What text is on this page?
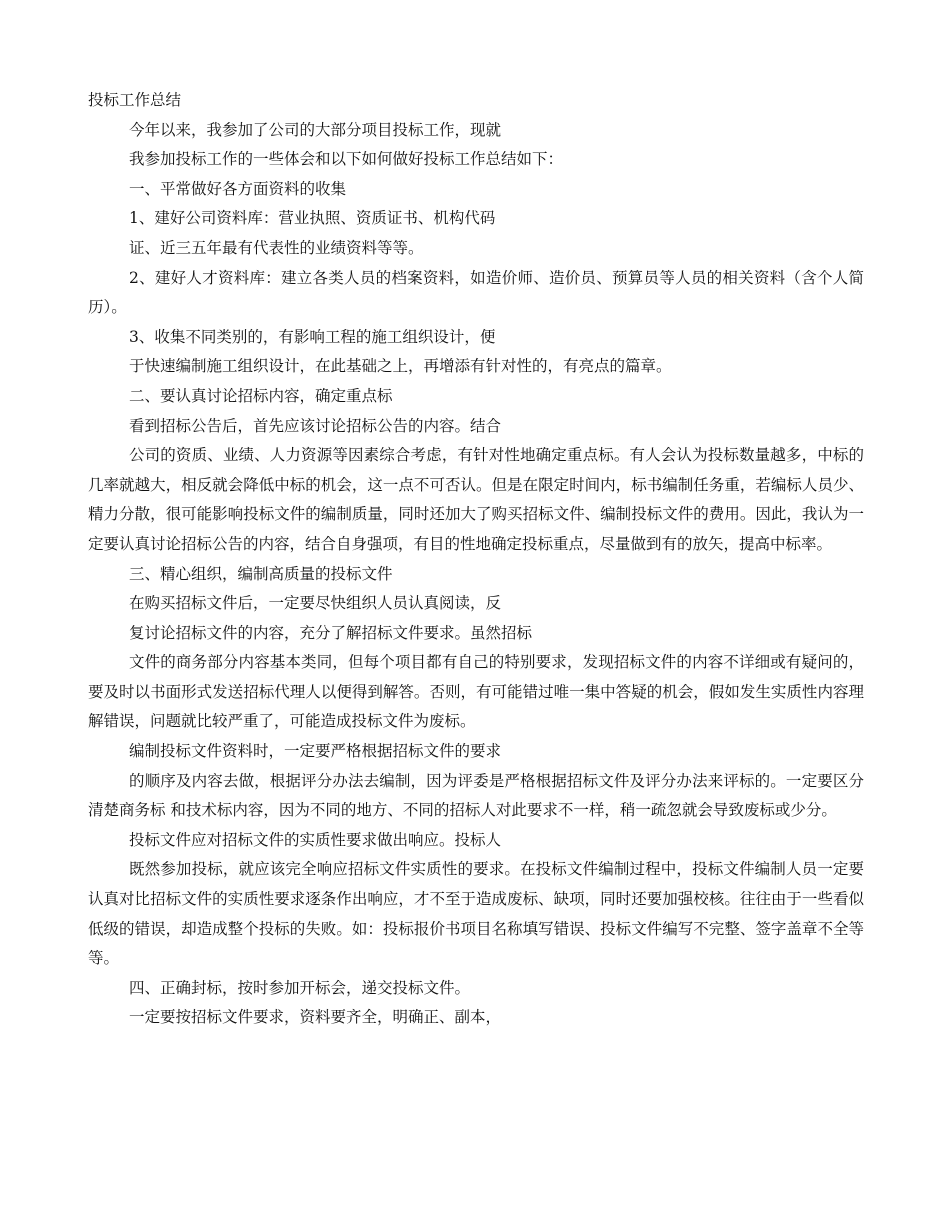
投标工作总结

今年以来，我参加了公司的大部分项目投标工作，现就

我参加投标工作的一些体会和以下如何做好投标工作总结如下：

一、平常做好各方面资料的收集

1、建好公司资料库：营业执照、资质证书、机构代码

证、近三五年最有代表性的业绩资料等等。

2、建好人才资料库：建立各类人员的档案资料，如造价师、造价员、预算员等人员的相关资料（含个人简历）。

3、收集不同类别的，有影响工程的施工组织设计，便

于快速编制施工组织设计，在此基础之上，再增添有针对性的，有亮点的篇章。

二、要认真讨论招标内容，确定重点标

看到招标公告后，首先应该讨论招标公告的内容。结合

公司的资质、业绩、人力资源等因素综合考虑，有针对性地确定重点标。有人会认为投标数量越多，中标的几率就越大，相反就会降低中标的机会，这一点不可否认。但是在限定时间内，标书编制任务重，若编标人员少、精力分散，很可能影响投标文件的编制质量，同时还加大了购买招标文件、编制投标文件的费用。因此，我认为一定要认真讨论招标公告的内容，结合自身强项，有目的性地确定投标重点，尽量做到有的放矢，提高中标率。

三、精心组织，编制高质量的投标文件

在购买招标文件后，一定要尽快组织人员认真阅读，反

复讨论招标文件的内容，充分了解招标文件要求。虽然招标

文件的商务部分内容基本类同，但每个项目都有自己的特别要求，发现招标文件的内容不详细或有疑问的，要及时以书面形式发送招标代理人以便得到解答。否则，有可能错过唯一集中答疑的机会，假如发生实质性内容理解错误，问题就比较严重了，可能造成投标文件为废标。

编制投标文件资料时，一定要严格根据招标文件的要求

的顺序及内容去做，根据评分办法去编制，因为评委是严格根据招标文件及评分办法来评标的。一定要区分清楚商务标 和技术标内容，因为不同的地方、不同的招标人对此要求不一样，稍一疏忽就会导致废标或少分。

投标文件应对招标文件的实质性要求做出响应。投标人

既然参加投标，就应该完全响应招标文件实质性的要求。在投标文件编制过程中，投标文件编制人员一定要认真对比招标文件的实质性要求逐条作出响应，才不至于造成废标、缺项，同时还要加强校核。往往由于一些看似低级的错误，却造成整个投标的失败。如：投标报价书项目名称填写错误、投标文件编写不完整、签字盖章不全等等。

四、正确封标，按时参加开标会，递交投标文件。

一定要按招标文件要求，资料要齐全，明确正、副本，
